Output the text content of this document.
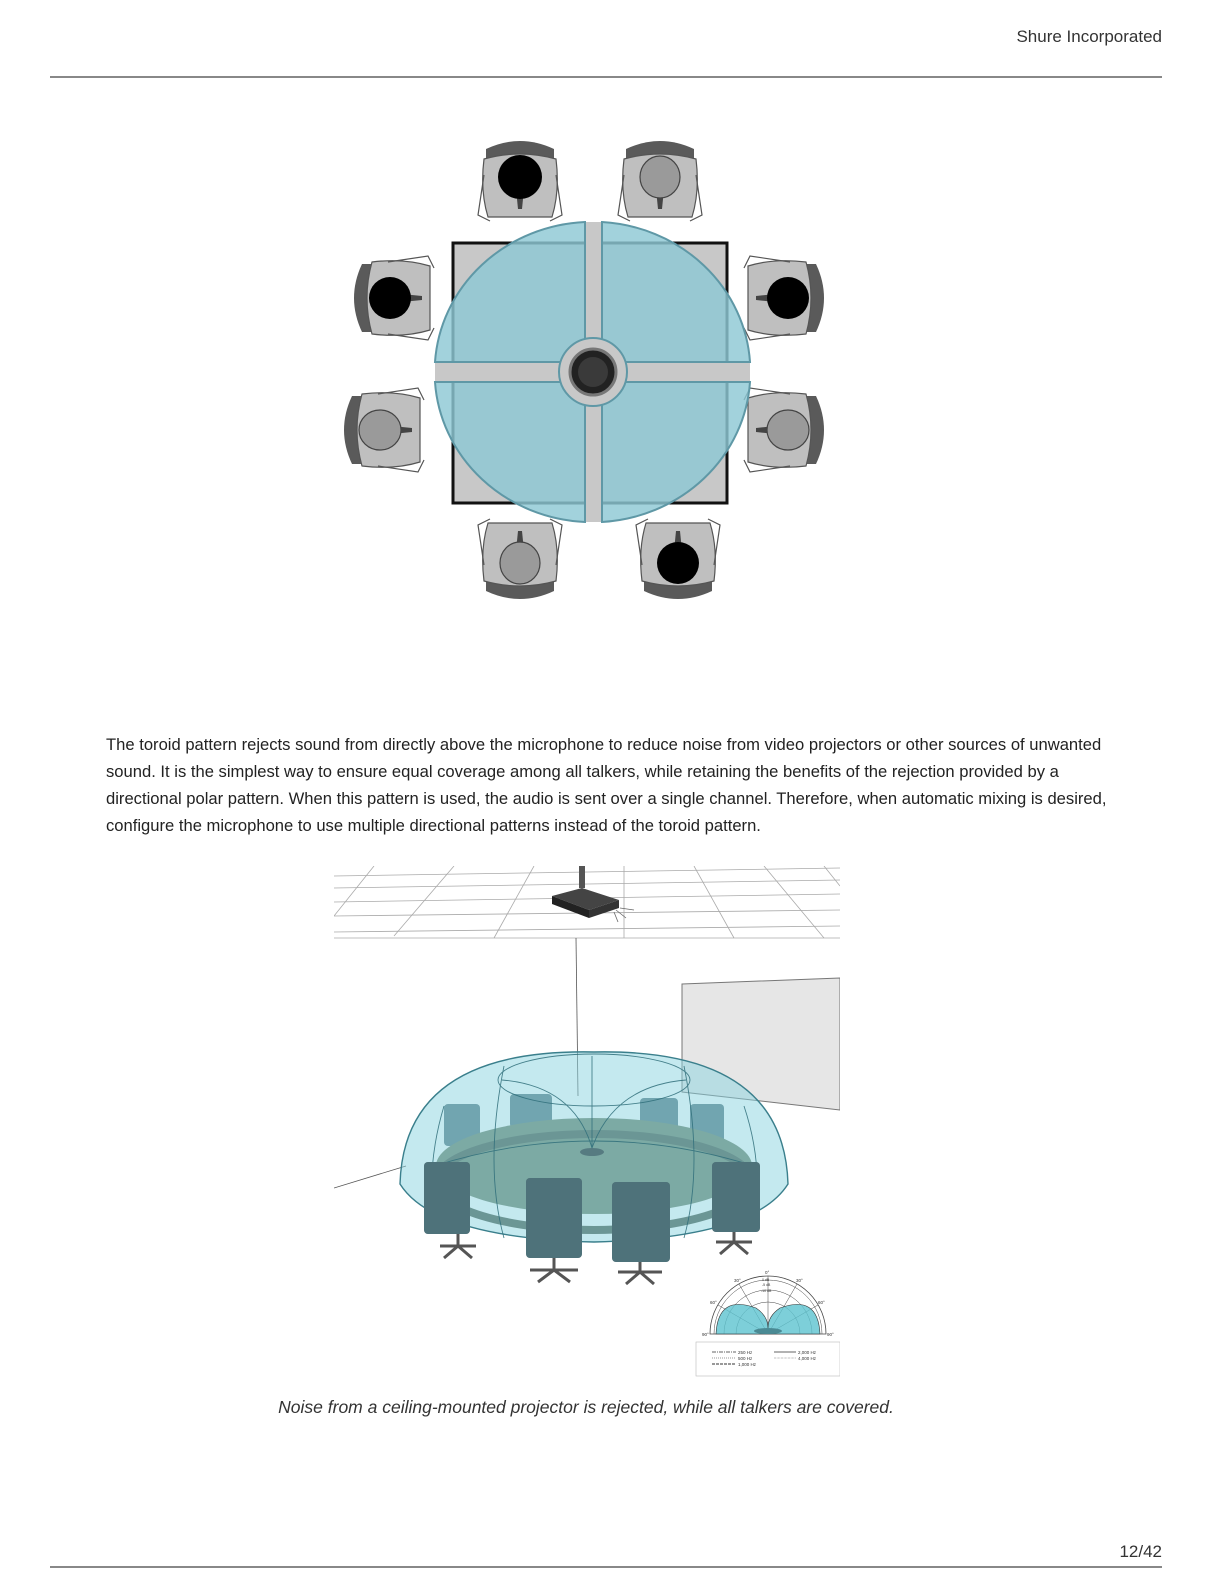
Shure Incorporated

The toroid pattern rejects sound from directly above the microphone to reduce noise from video projectors or other sources of unwanted sound. It is the simplest way to ensure equal coverage among all talkers, while retaining the benefits of the rejection provided by a directional polar pattern. When this pattern is used, the audio is sent over a single channel. Therefore, when automatic mixing is desired, configure the microphone to use multiple directional patterns instead of the toroid pattern.

0°
30°	30°
60°	60°
90°	90°
0 dB
-5 dB
-10 dB
250 Hz
500 Hz
1,000 Hz
2,000 Hz
4,000 Hz
Noise from a ceiling-mounted projector is rejected, while all talkers are covered.
12/42
